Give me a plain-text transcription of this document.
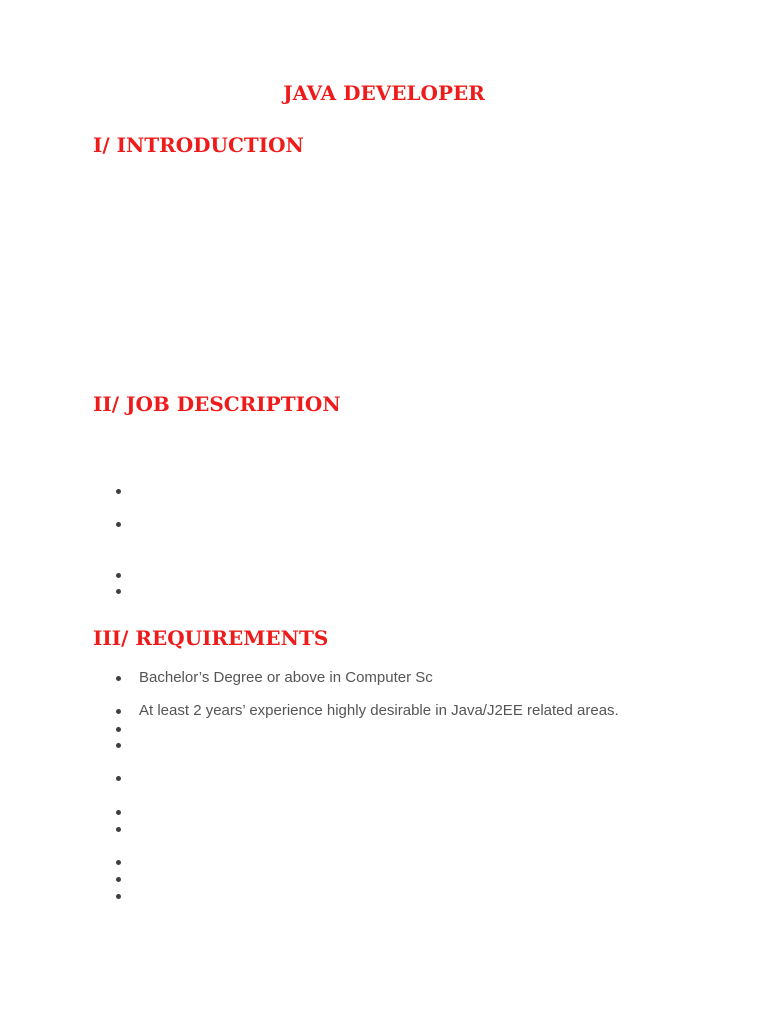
JAVA DEVELOPER
I/ INTRODUCTION
II/ JOB DESCRIPTION
III/ REQUIREMENTS
Bachelor’s Degree or above in Computer Sc
At least 2 years’ experience highly desirable in Java/J2EE related areas.
